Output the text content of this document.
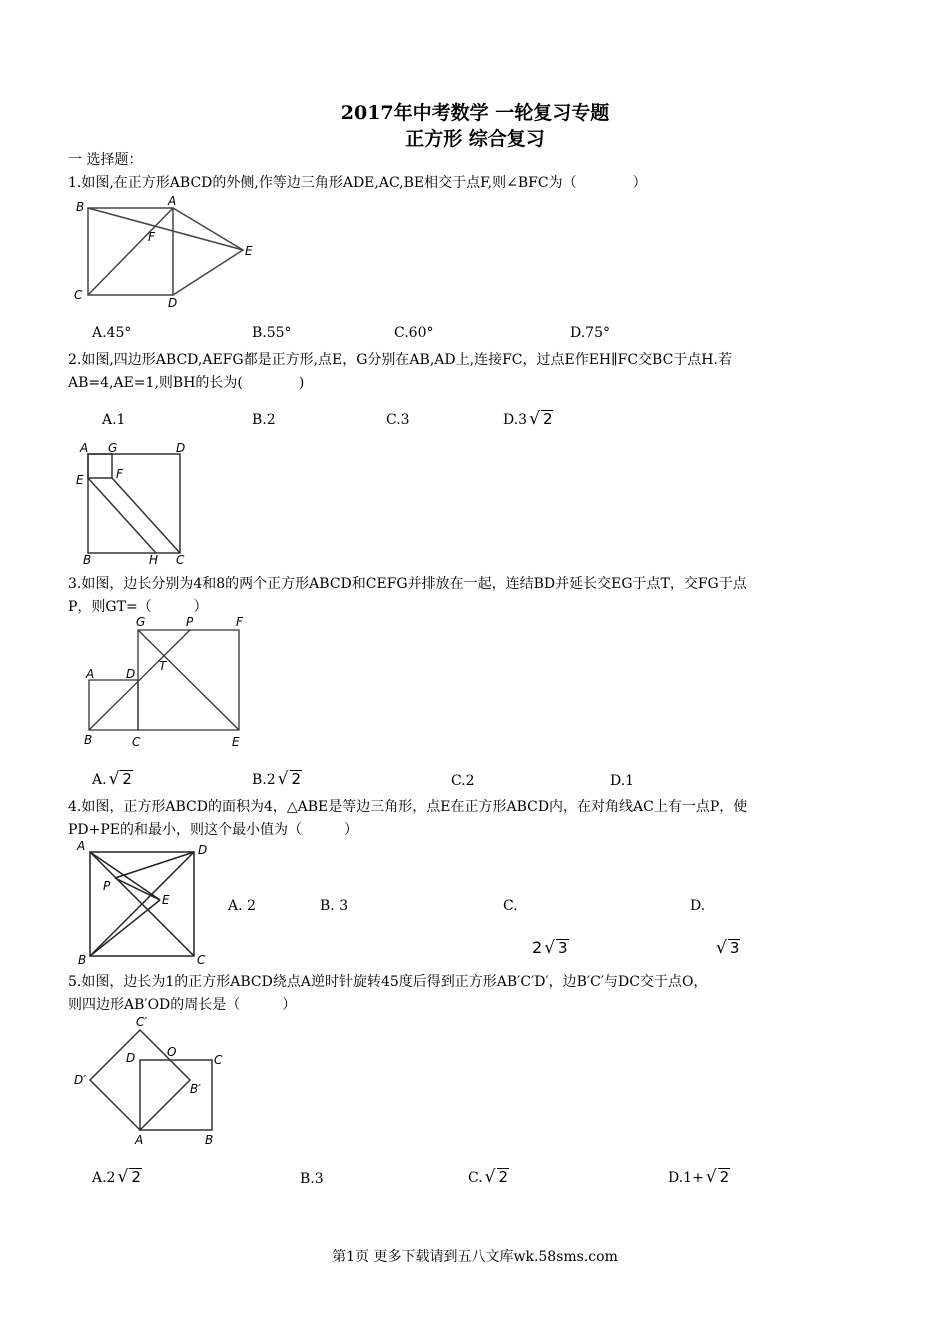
2017年中考数学 一轮复习专题
正方形 综合复习
一 选择题：
1.如图,在正方形ABCD的外侧,作等边三角形ADE,AC,BE相交于点F,则∠BFC为（　　　　）
B	A
F
E
C
D
A.45°	B.55°	C.60°	D.75°
2.如图,四边形ABCD,AEFG都是正方形,点E，G分别在AB,AD上,连接FC，过点E作EH∥FC交BC于点H.若
AB=4,AE=1,则BH的长为(　　　　)
A.1	B.2	C.3	D.3 √ 2
A G	D
E	F
B	H C
3.如图，边长分别为4和8的两个正方形ABCD和CEFG并排放在一起，连结BD并延长交EG于点T，交FG于点
P，则GT=（　　　）
G	P	F
T
A	D
B	C	E
A. √ 2	B.2 √ 2	C.2	D.1
4.如图，正方形ABCD的面积为4，△ABE是等边三角形，点E在正方形ABCD内，在对角线AC上有一点P，使
PD+PE的和最小，则这个最小值为（　　　）
A	D
P
E
B	C
A. 2	B. 3	C.	D.
2 √ 3	√ 3
5.如图，边长为1的正方形ABCD绕点A逆时针旋转45度后得到正方形AB′C′D′，边B′C′与DC交于点O，
则四边形AB′OD的周长是（　　　）
C′
D	O
C
D′
B′
A	B
A.2 √ 2	B.3	C. √ 2	D.1+ √ 2
第1页 更多下载请到五八文库wk.58sms.com
